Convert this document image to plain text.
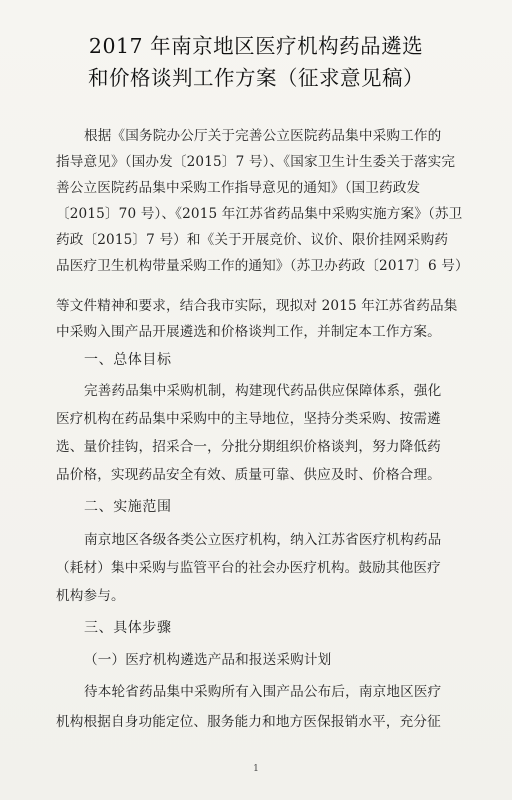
2017 年南京地区医疗机构药品遴选
和价格谈判工作方案（征求意见稿）
根据《国务院办公厅关于完善公立医院药品集中采购工作的
指导意见》（国办发〔2015〕7 号）、《国家卫生计生委关于落实完
善公立医院药品集中采购工作指导意见的通知》（国卫药政发
〔2015〕70 号）、《2015 年江苏省药品集中采购实施方案》（苏卫
药政〔2015〕7 号）和《关于开展竞价、议价、限价挂网采购药
品医疗卫生机构带量采购工作的通知》（苏卫办药政〔2017〕6 号）
等文件精神和要求，结合我市实际，现拟对 2015 年江苏省药品集
中采购入围产品开展遴选和价格谈判工作，并制定本工作方案。
一、总体目标
完善药品集中采购机制，构建现代药品供应保障体系，强化
医疗机构在药品集中采购中的主导地位，坚持分类采购、按需遴
选、量价挂钩，招采合一，分批分期组织价格谈判，努力降低药
品价格，实现药品安全有效、质量可靠、供应及时、价格合理。
二、实施范围
南京地区各级各类公立医疗机构，纳入江苏省医疗机构药品
（耗材）集中采购与监管平台的社会办医疗机构。鼓励其他医疗
机构参与。
三、具体步骤
（一）医疗机构遴选产品和报送采购计划
待本轮省药品集中采购所有入围产品公布后，南京地区医疗
机构根据自身功能定位、服务能力和地方医保报销水平，充分征
1
